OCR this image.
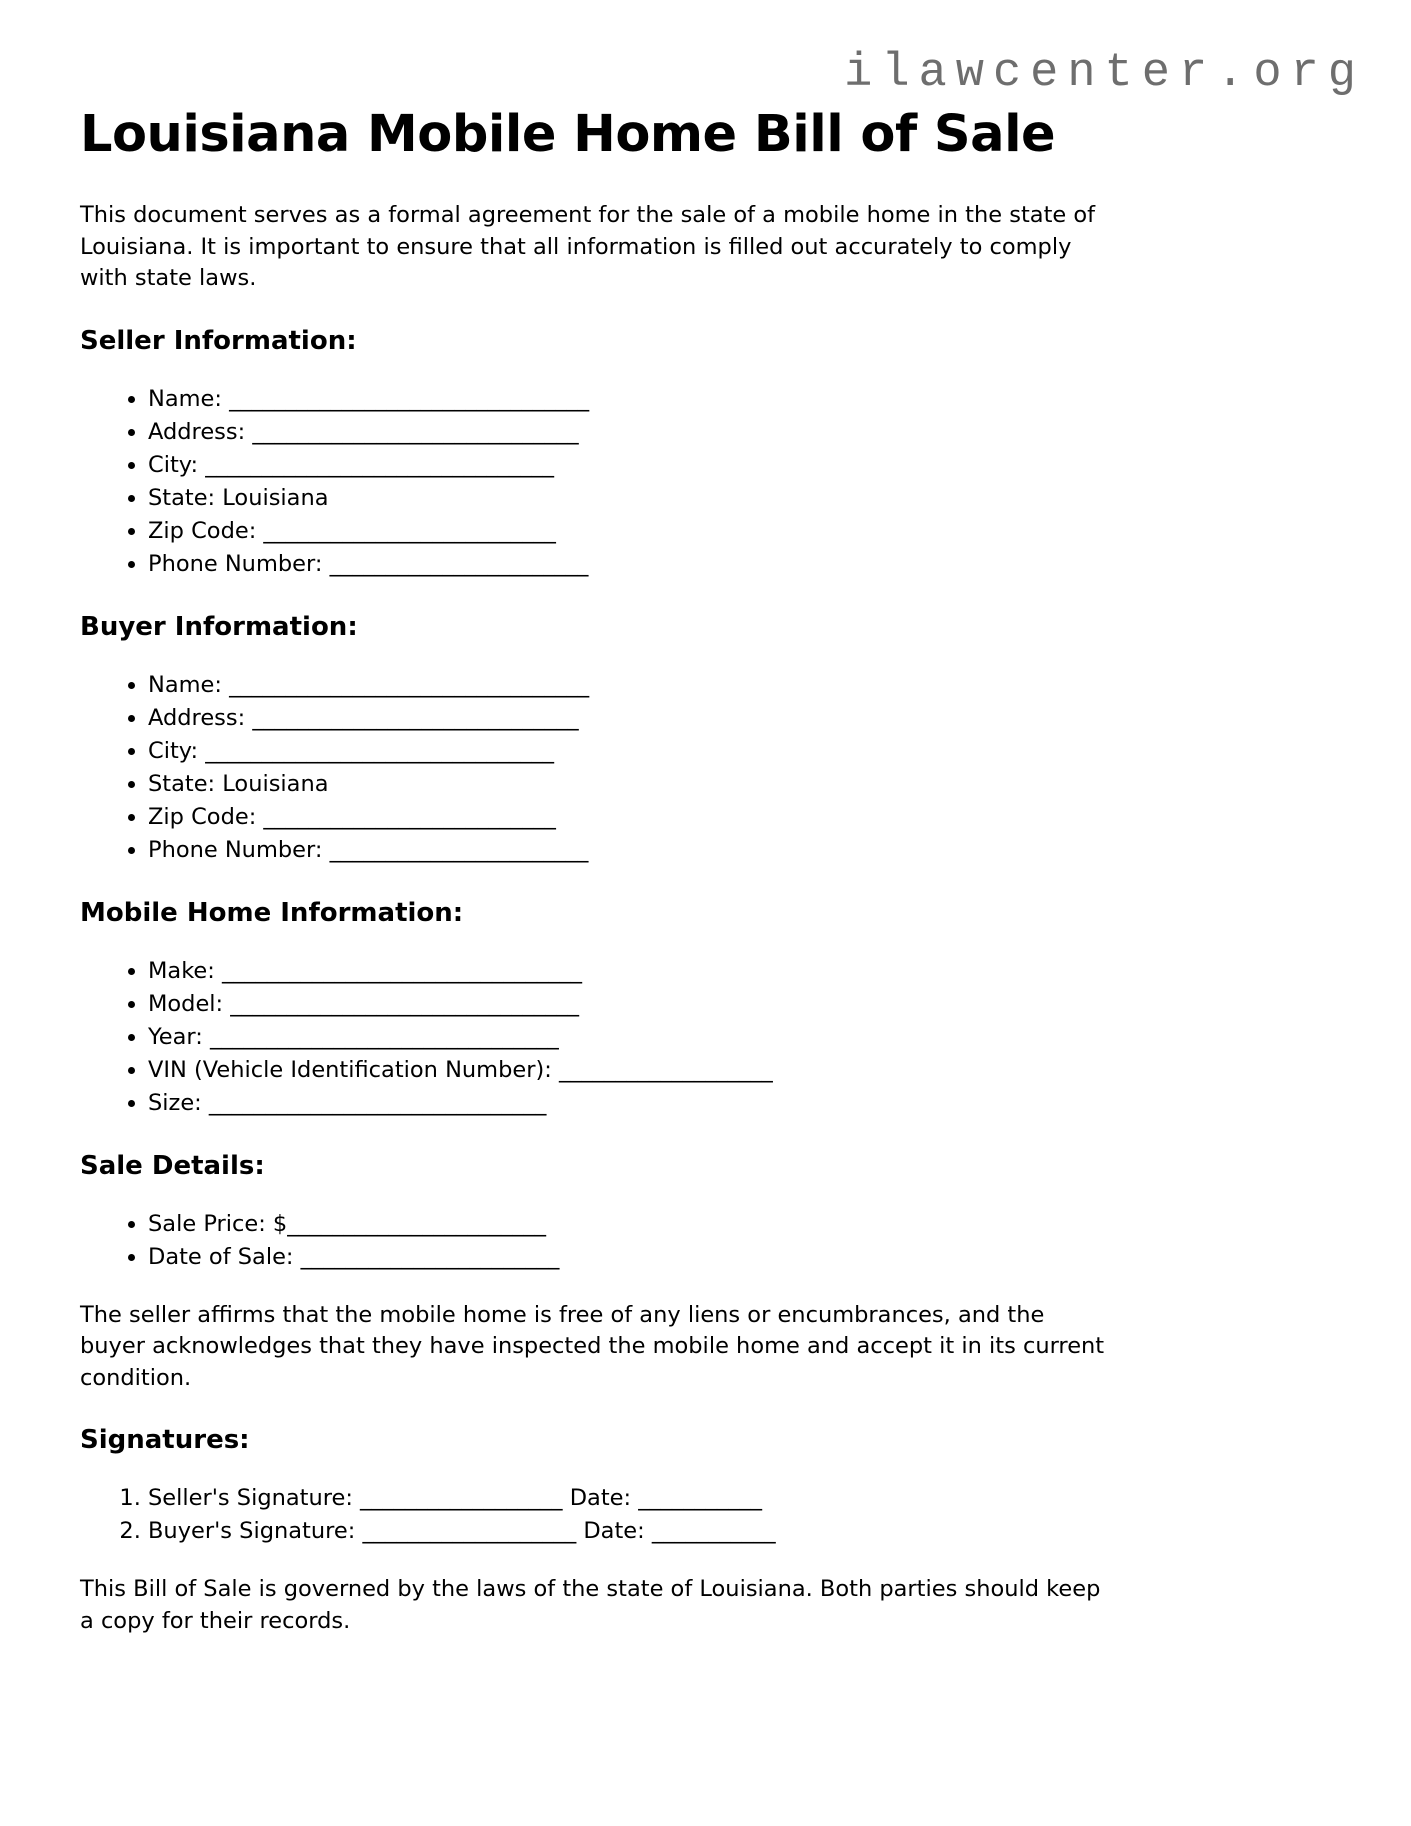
ilawcenter.org
Louisiana Mobile Home Bill of Sale

This document serves as a formal agreement for the sale of a mobile home in the state of
Louisiana. It is important to ensure that all information is filled out accurately to comply
with state laws.

Seller Information:
• Name: ________________________________
• Address: _____________________________
• City: _______________________________
• State: Louisiana
• Zip Code: __________________________
• Phone Number: _______________________
Buyer Information:
• Name: ________________________________
• Address: _____________________________
• City: _______________________________
• State: Louisiana
• Zip Code: __________________________
• Phone Number: _______________________
Mobile Home Information:
• Make: ________________________________
• Model: _______________________________
• Year: _______________________________
• VIN (Vehicle Identification Number): ___________________
• Size: ______________________________
Sale Details:
• Sale Price: $_______________________
• Date of Sale: _______________________

The seller affirms that the mobile home is free of any liens or encumbrances, and the
buyer acknowledges that they have inspected the mobile home and accept it in its current
condition.

Signatures:
1. Seller's Signature: __________________ Date: ___________
2. Buyer's Signature: ___________________ Date: ___________

This Bill of Sale is governed by the laws of the state of Louisiana. Both parties should keep
a copy for their records.
